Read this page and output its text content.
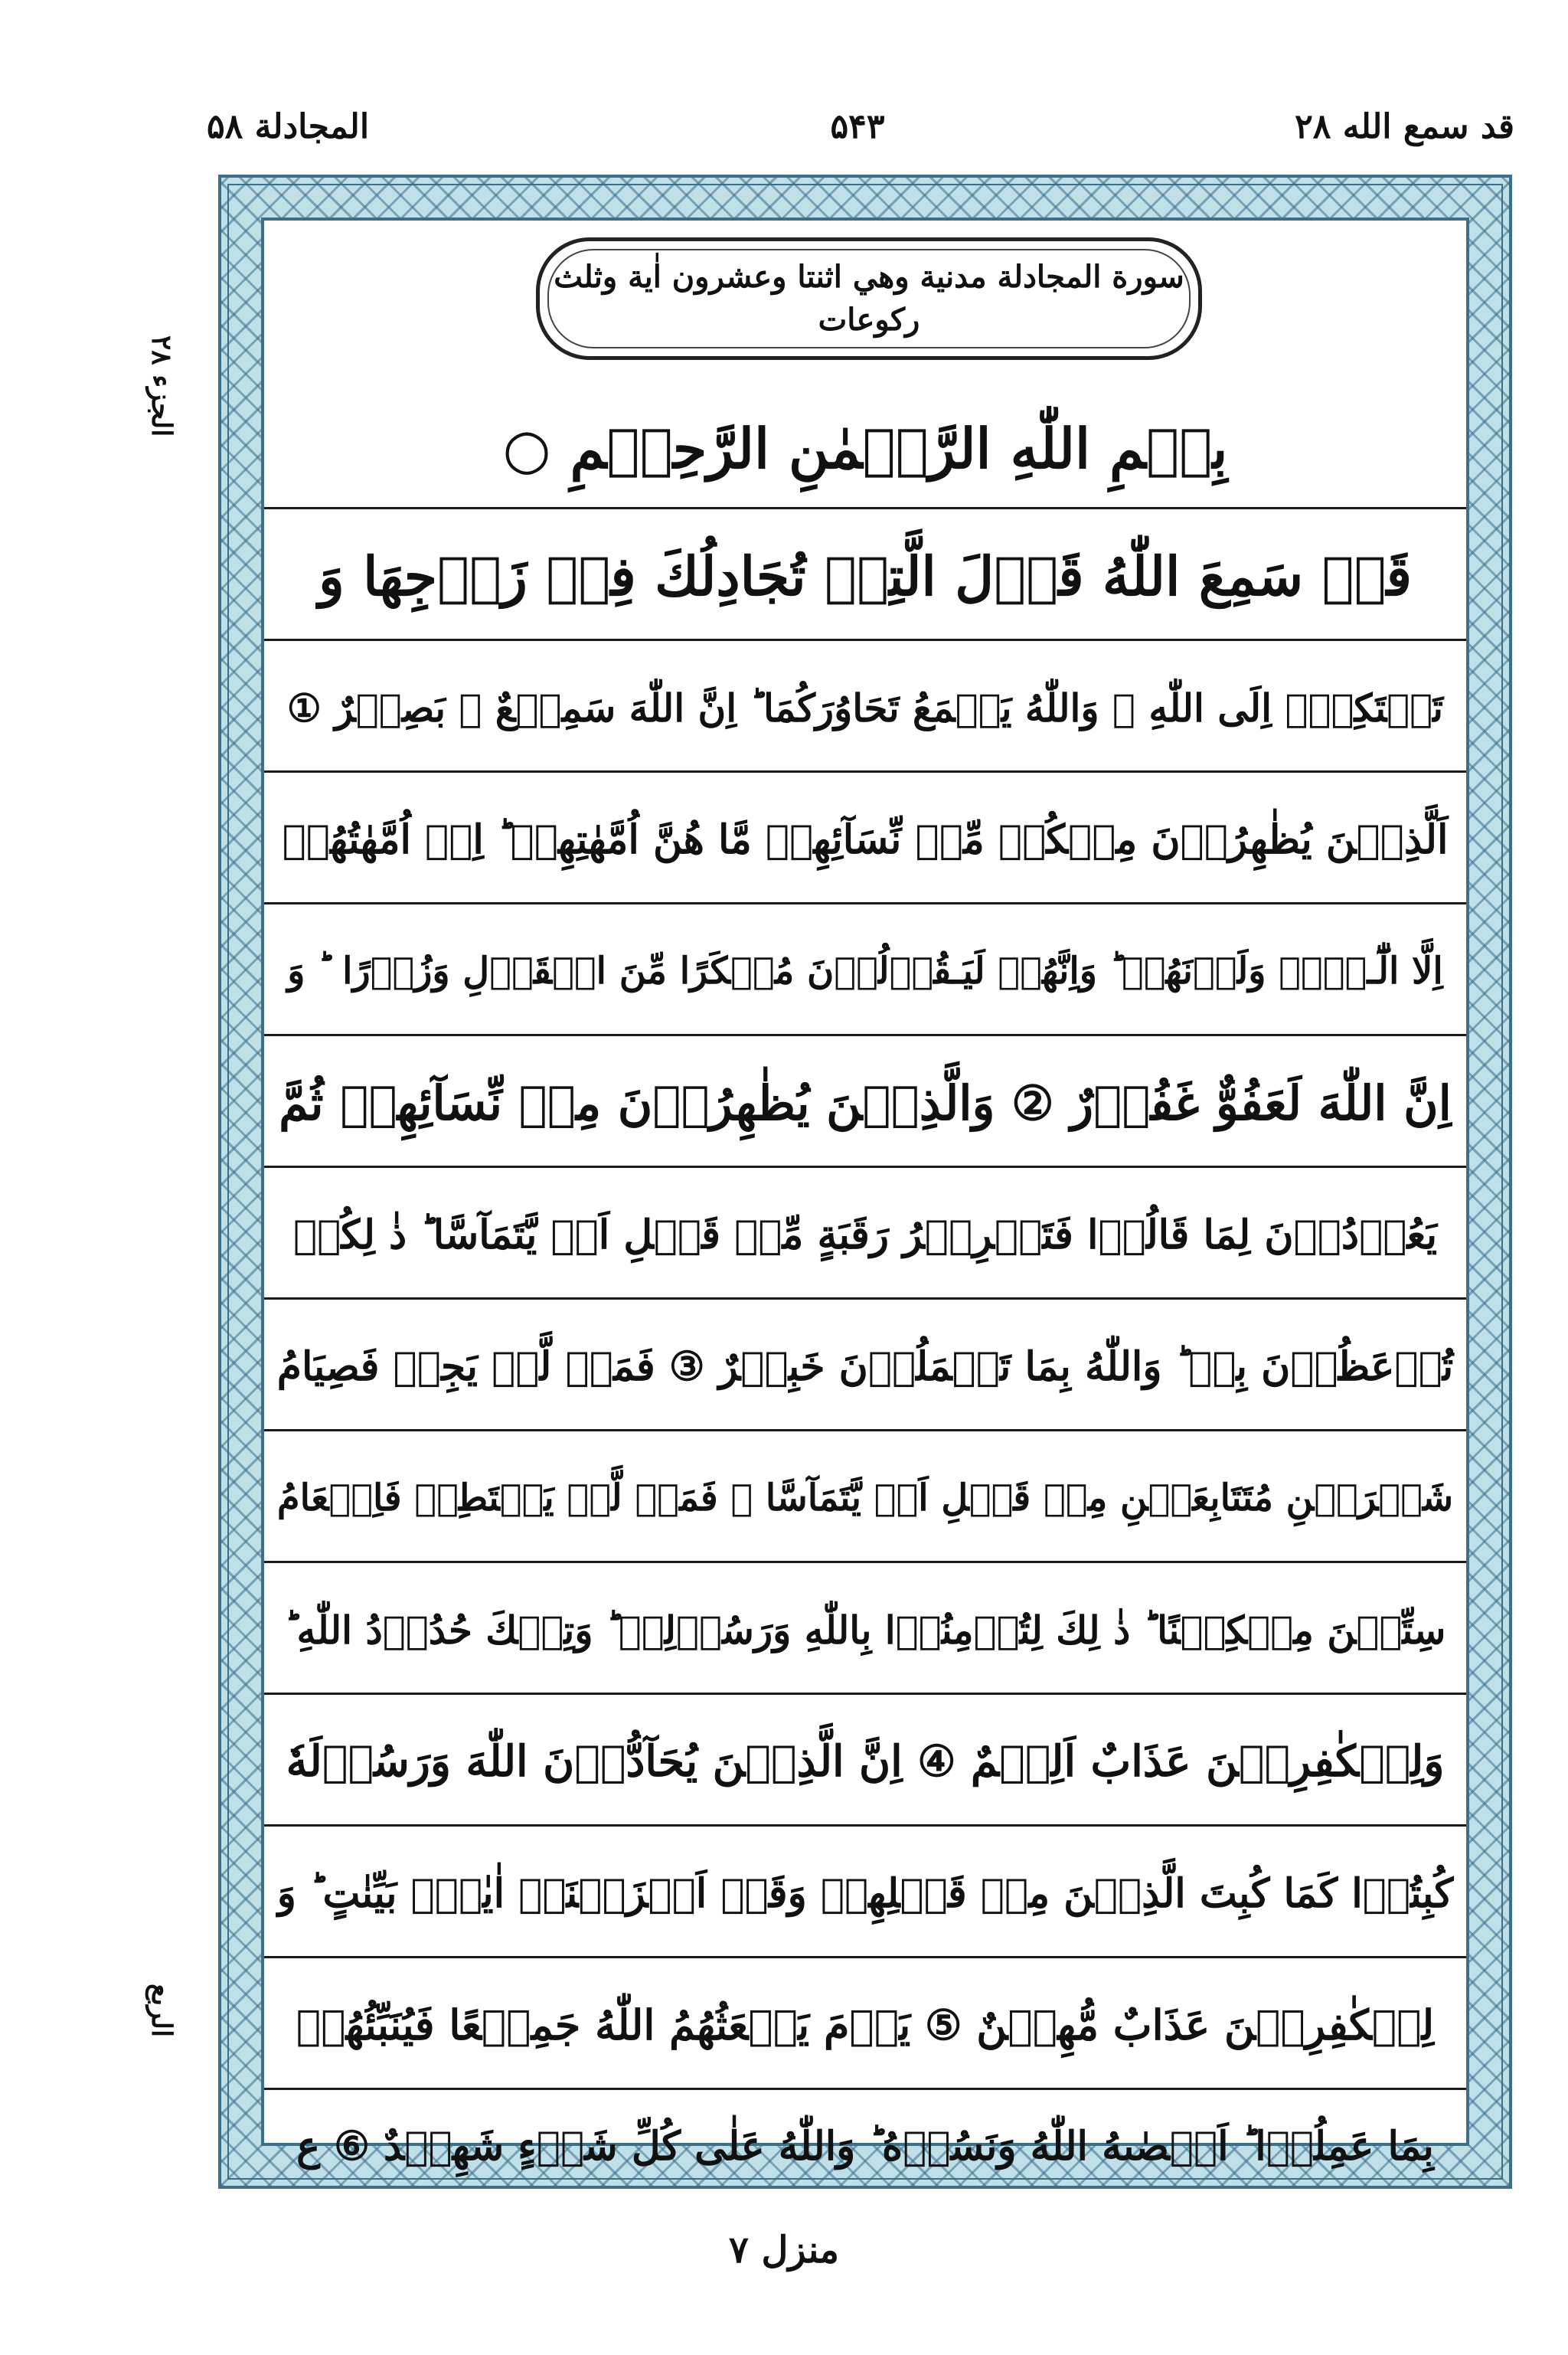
المجادلة ۵۸	۵۴۳	قد سمع الله ۲۸
الجزء ۲۸
الربع
سورة المجادلة مدنية وهي اثنتا وعشرون اٰية وثلث ركوعات
بِسۡمِ اللّٰهِ الرَّحۡمٰنِ الرَّحِيۡمِ ○
قَدۡ سَمِعَ اللّٰهُ قَوۡلَ الَّتِىۡ تُجَادِلُكَ فِىۡ زَوۡجِهَا وَ
تَشۡتَكِىۡۤ اِلَى اللّٰهِ ‌ۖ وَاللّٰهُ يَسۡمَعُ تَحَاوُرَكُمَا ‌ؕ اِنَّ اللّٰهَ سَمِيۡعٌ ۢ بَصِيۡرٌ ①
اَلَّذِيۡنَ يُظٰهِرُوۡنَ مِنۡكُمۡ مِّنۡ نِّسَآئِهِمۡ مَّا هُنَّ اُمَّهٰتِهِمۡ‌ ؕ اِنۡ اُمَّهٰتُهُمۡ
اِلَّا الّٰٓـىِٔۡ وَلَدۡنَهُمۡ‌ ؕ وَاِنَّهُمۡ لَيَـقُوۡلُوۡنَ مُنۡكَرًا مِّنَ الۡقَوۡلِ وَزُوۡرًا ‌ ؕ وَ
اِنَّ اللّٰهَ لَعَفُوٌّ غَفُوۡرٌ ② وَالَّذِيۡنَ يُظٰهِرُوۡنَ مِنۡ نِّسَآئِهِمۡ ثُمَّ
يَعُوۡدُوۡنَ لِمَا قَالُوۡا فَتَحۡرِيۡرُ رَقَبَةٍ مِّنۡ قَبۡلِ اَنۡ يَّتَمَآسَّا‌ ؕ ذٰ لِكُمۡ
تُوۡعَظُوۡنَ بِهٖ‌ ؕ وَاللّٰهُ بِمَا تَعۡمَلُوۡنَ خَبِيۡرٌ ③ فَمَنۡ لَّمۡ يَجِدۡ فَصِيَامُ
شَهۡرَيۡنِ مُتَتَابِعَيۡنِ مِنۡ قَبۡلِ اَنۡ يَّتَمَآسَّا‌ ۚ فَمَنۡ لَّمۡ يَسۡتَطِعۡ فَاِطۡعَامُ
سِتِّيۡنَ مِسۡكِيۡنًا ‌ؕ ذٰ لِكَ لِتُؤۡمِنُوۡا بِاللّٰهِ وَرَسُوۡلِهٖ‌ ؕ وَتِلۡكَ حُدُوۡدُ اللّٰهِ‌ ؕ
وَلِلۡكٰفِرِيۡنَ عَذَابٌ اَلِيۡمٌ ④ اِنَّ الَّذِيۡنَ يُحَآدُّوۡنَ اللّٰهَ وَرَسُوۡلَهٗ
كُبِتُوۡا كَمَا كُبِتَ الَّذِيۡنَ مِنۡ قَبۡلِهِمۡ‌ وَقَدۡ اَنۡزَلۡنَاۤ اٰيٰتٍۢ بَيِّنٰتٍ‌ ؕ وَ
لِلۡكٰفِرِيۡنَ عَذَابٌ مُّهِيۡنٌ ⑤ يَوۡمَ يَبۡعَثُهُمُ اللّٰهُ جَمِيۡعًا فَيُنَبِّئُهُمۡ
بِمَا عَمِلُوۡا‌ ؕ اَحۡصٰٮهُ اللّٰهُ وَنَسُوۡهُ‌ ؕ وَاللّٰهُ عَلٰى كُلِّ شَىۡءٍ شَهِيۡدٌ ⑥ ع
منزل ۷
